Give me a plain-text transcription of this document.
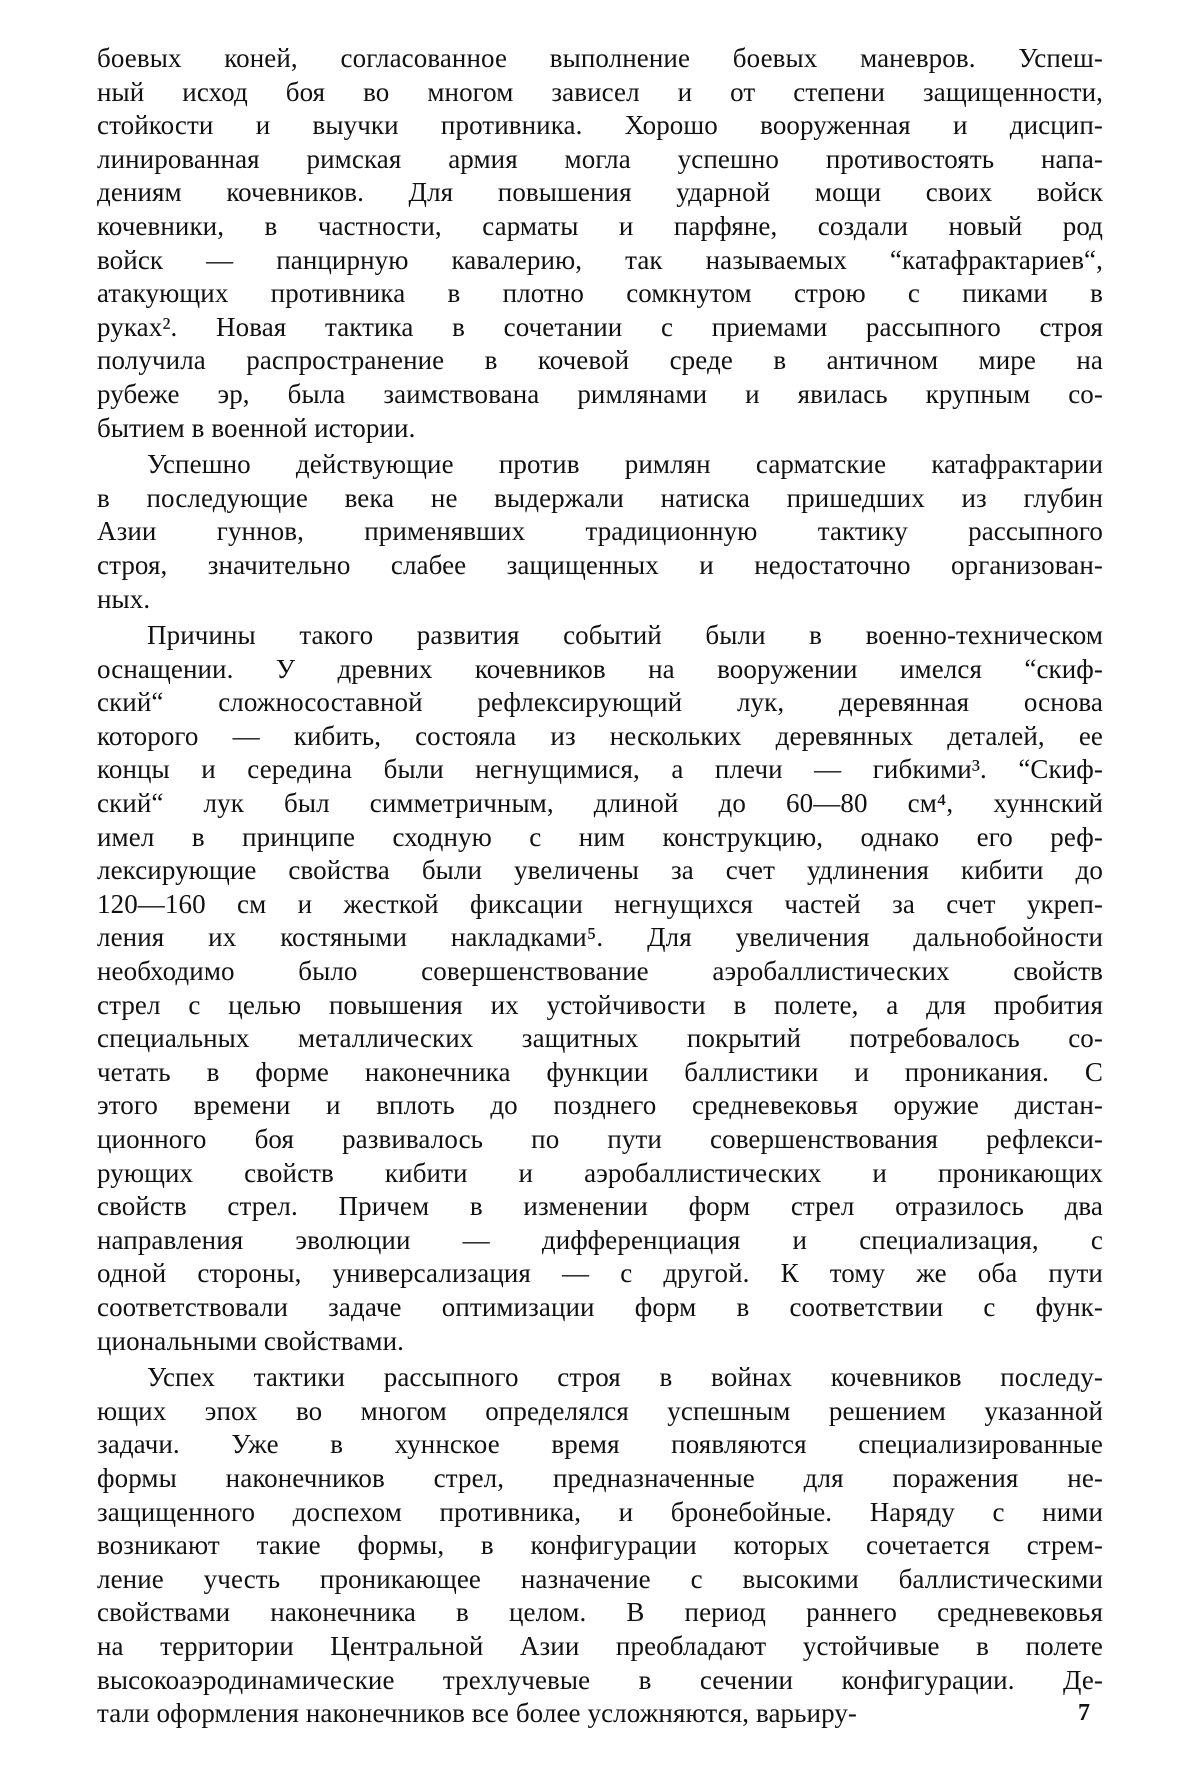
боевых коней, согласованное выполнение боевых маневров. Успеш-
ный исход боя во многом зависел и от степени защищенности,
стойкости и выучки противника. Хорошо вооруженная и дисцип-
линированная римская армия могла успешно противостоять напа-
дениям кочевников. Для повышения ударной мощи своих войск
кочевники, в частности, сарматы и парфяне, создали новый род
войск — панцирную кавалерию, так называемых “катафрактариев“,
атакующих противника в плотно сомкнутом строю с пиками в
руках². Новая тактика в сочетании с приемами рассыпного строя
получила распространение в кочевой среде в античном мире на
рубеже эр, была заимствована римлянами и явилась крупным со-
бытием в военной истории.
Успешно действующие против римлян сарматские катафрактарии
в последующие века не выдержали натиска пришедших из глубин
Азии гуннов, применявших традиционную тактику рассыпного
строя, значительно слабее защищенных и недостаточно организован-
ных.
Причины такого развития событий были в военно-техническом
оснащении. У древних кочевников на вооружении имелся “скиф-
ский“ сложносоставной рефлексирующий лук, деревянная основа
которого — кибить, состояла из нескольких деревянных деталей, ее
концы и середина были негнущимися, а плечи — гибкими³. “Скиф-
ский“ лук был симметричным, длиной до 60—80 см⁴, хуннский
имел в принципе сходную с ним конструкцию, однако его реф-
лексирующие свойства были увеличены за счет удлинения кибити до
120—160 см и жесткой фиксации негнущихся частей за счет укреп-
ления их костяными накладками⁵. Для увеличения дальнобойности
необходимо было совершенствование аэробаллистических свойств
стрел с целью повышения их устойчивости в полете, а для пробития
специальных металлических защитных покрытий потребовалось со-
четать в форме наконечника функции баллистики и проникания. С
этого времени и вплоть до позднего средневековья оружие дистан-
ционного боя развивалось по пути совершенствования рефлекси-
рующих свойств кибити и аэробаллистических и проникающих
свойств стрел. Причем в изменении форм стрел отразилось два
направления эволюции — дифференциация и специализация, с
одной стороны, универсализация — с другой. К тому же оба пути
соответствовали задаче оптимизации форм в соответствии с функ-
циональными свойствами.
Успех тактики рассыпного строя в войнах кочевников последу-
ющих эпох во многом определялся успешным решением указанной
задачи. Уже в хуннское время появляются специализированные
формы наконечников стрел, предназначенные для поражения не-
защищенного доспехом противника, и бронебойные. Наряду с ними
возникают такие формы, в конфигурации которых сочетается стрем-
ление учесть проникающее назначение с высокими баллистическими
свойствами наконечника в целом. В период раннего средневековья
на территории Центральной Азии преобладают устойчивые в полете
высокоаэродинамические трехлучевые в сечении конфигурации. Де-
тали оформления наконечников все более усложняются, варьиру-	7
